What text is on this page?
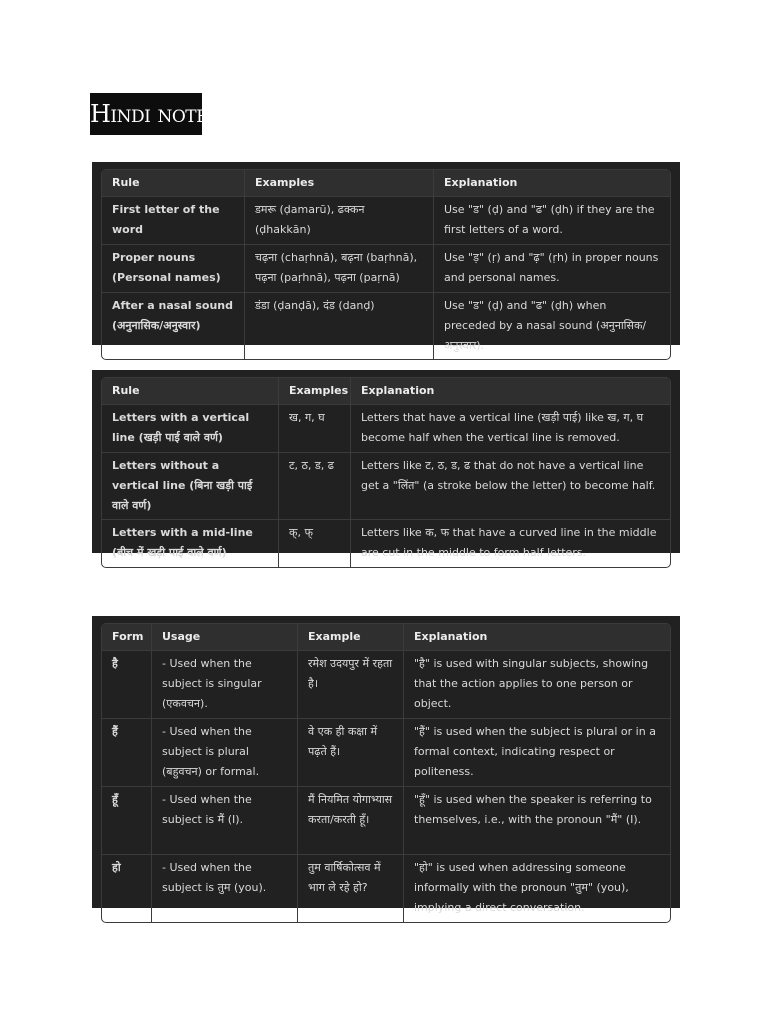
Hindi notes
Rule	Examples	Explanation
First letter of the word	डमरू (ḍamarū), ढक्कन (ḍhakkān)	Use "ड" (ḍ) and "ढ" (ḍh) if they are the first letters of a word.
Proper nouns (Personal names)	चढ़ना (chaṛhnā), बढ़ना (baṛhnā), पढ़ना (paṛhnā), पढ़ना (paṛnā)	Use "ड़" (ṛ) and "ढ़" (ṛh) in proper nouns and personal names.
After a nasal sound (अनुनासिक/अनुस्वार)	डंडा (ḍanḍā), दंड (danḍ)	Use "ड" (ḍ) and "ढ" (ḍh) when preceded by a nasal sound (अनुनासिक/अनुस्वार).
Rule	Examples	Explanation
Letters with a vertical line (खड़ी पाई वाले वर्ण)	ख, ग, घ	Letters that have a vertical line (खड़ी पाई) like ख, ग, घ become half when the vertical line is removed.
Letters without a vertical line (बिना खड़ी पाई वाले वर्ण)	ट, ठ, ड, ढ	Letters like ट, ठ, ड, ढ that do not have a vertical line get a "लिंत" (a stroke below the letter) to become half.
Letters with a mid-line (बीच में खड़ी पाई वाले वर्ण)	क्, फ्	Letters like क, फ that have a curved line in the middle are cut in the middle to form half letters.
Form	Usage	Example	Explanation
है	- Used when the subject is singular (एकवचन).	रमेश उदयपुर में रहता है।	"है" is used with singular subjects, showing that the action applies to one person or object.
हैं	- Used when the subject is plural (बहुवचन) or formal.	वे एक ही कक्षा में पढ़ते हैं।	"हैं" is used when the subject is plural or in a formal context, indicating respect or politeness.
हूँ	- Used when the subject is मैं (I).	मैं नियमित योगाभ्यास करता/करती हूँ।	"हूँ" is used when the speaker is referring to themselves, i.e., with the pronoun "मैं" (I).
हो	- Used when the subject is तुम (you).	तुम वार्षिकोत्सव में भाग ले रहे हो?	"हो" is used when addressing someone informally with the pronoun "तुम" (you), implying a direct conversation.
